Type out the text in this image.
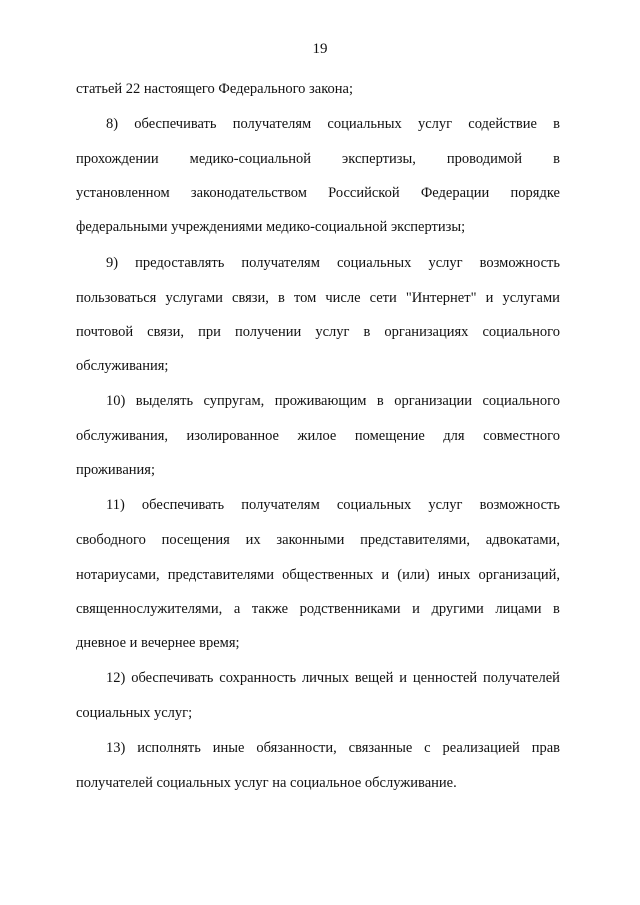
19
статьей 22 настоящего Федерального закона;
8) обеспечивать получателям социальных услуг содействие в
прохождении медико-социальной экспертизы, проводимой в
установленном законодательством Российской Федерации порядке
федеральными учреждениями медико-социальной экспертизы;
9) предоставлять получателям социальных услуг возможность
пользоваться услугами связи, в том числе сети "Интернет" и услугами
почтовой связи, при получении услуг в организациях социального
обслуживания;
10) выделять супругам, проживающим в организации социального
обслуживания, изолированное жилое помещение для совместного
проживания;
11) обеспечивать получателям социальных услуг возможность
свободного посещения их законными представителями, адвокатами,
нотариусами, представителями общественных и (или) иных организаций,
священнослужителями, а также родственниками и другими лицами в
дневное и вечернее время;
12) обеспечивать сохранность личных вещей и ценностей получателей
социальных услуг;
13) исполнять иные обязанности, связанные с реализацией прав
получателей социальных услуг на социальное обслуживание.
